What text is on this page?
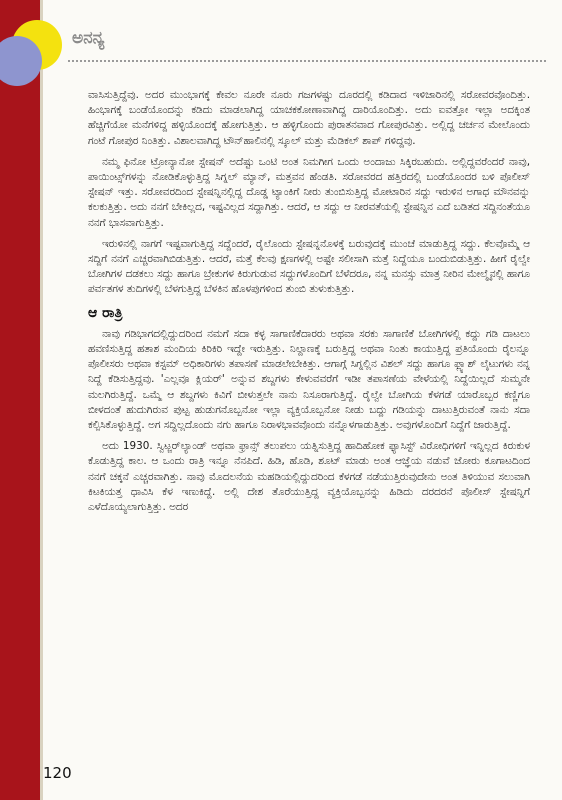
ಅನನ್ಯ

ವಾಸಿಸುತ್ತಿದ್ದೆವು. ಅದರ ಮುಂಭಾಗಕ್ಕೆ ಕೇವಲ ನೂರೇ ನೂರು ಗಜಗಳಷ್ಟು ದೂರದಲ್ಲಿ ಕಡಿದಾದ ಇಳಿಜಾರಿನಲ್ಲಿ ಸರೋವರವೊಂದಿತ್ತು. ಹಿಂಭಾಗಕ್ಕೆ ಬಂಡೆಯೊಂದನ್ನು ಕಡಿದು ಮಾಡಲಾಗಿದ್ದ ಯಾಚಕಕೋಣಾವಾಗಿದ್ದ ದಾರಿಯೊಂದಿತ್ತು. ಅದು ಐವತ್ತೋ ಇಲ್ಲಾ ಅದಕ್ಕಿಂತ ಹೆಚ್ಚಿಗೆಯೋ ಮನೆಗಳಿದ್ದ ಹಳ್ಳಿಯೊಂದಕ್ಕೆ ಹೋಗುತ್ತಿತ್ತು. ಆ ಹಳ್ಳಿಗೊಂದು ಪುರಾತನವಾದ ಗೋಪುರವಿತ್ತು. ಅಲ್ಲಿದ್ದ ಚರ್ಚನ ಮೇಲೊಂದು ಗಂಟೆ ಗೋಪುರ ನಿಂತಿತ್ತು. ವಿಶಾಲವಾಗಿದ್ದ ಟೌನ್‌ಹಾಲಿನಲ್ಲಿ ಸ್ಕೂಲ್ ಮತ್ತು ಮೆಡಿಕಲ್ ಶಾಪ್ ಗಳಿದ್ದವು.

ನಮ್ಮ ಫಿನೋ ಟ್ರೋನ್ಯಾನೋ ಸ್ಟೇಷನ್ ಅದೆಷ್ಟು ಒಂಟಿ ಅಂತ ನಿಮಗೀಗ ಒಂದು ಅಂದಾಜು ಸಿಕ್ಕಿರಬಹುದು. ಅಲ್ಲಿದ್ದವರೆಂದರೆ ನಾವು, ಪಾಯಿಂಟ್ಸ್‌ಗಳನ್ನು ನೋಡಿಕೊಳ್ಳುತ್ತಿದ್ದ ಸಿಗ್ನಲ್ ಮ್ಯಾನ್, ಮತ್ತವನ ಹೆಂಡತಿ. ಸರೋವರದ ಹತ್ತಿರದಲ್ಲಿ ಬಂಡೆಯೊಂದರ ಬಳಿ ಪೊಲೀಸ್ ಸ್ಟೇಷನ್ ಇತ್ತು. ಸರೋವರದಿಂದ ಸ್ಟೇಷನ್ನಿನಲ್ಲಿದ್ದ ದೊಡ್ಡ ಟ್ಯಾಂಕಿಗೆ ನೀರು ತುಂಬಿಸುತ್ತಿದ್ದ ಮೋಟಾರಿನ ಸದ್ದು ಇರುಳಿನ ಅಗಾಧ ಮೌನವನ್ನು ಕಲಕುತ್ತಿತ್ತು. ಅದು ನನಗೆ ಬೇಕಿಲ್ಲದ, ಇಷ್ಟವಿಲ್ಲದ ಸದ್ದಾಗಿತ್ತು. ಆದರೆ, ಆ ಸದ್ದು ಆ ನೀರವತೆಯಲ್ಲಿ ಸ್ಟೇಷನ್ನಿನ ಎದೆ ಬಡಿತದ ಸದ್ದಿನಂತೆಯೂ ನನಗೆ ಭಾಸವಾಗುತ್ತಿತ್ತು.

ಇರುಳಿನಲ್ಲಿ ನಾಗಗೆ ಇಷ್ಟವಾಗುತ್ತಿದ್ದ ಸದ್ದೆಂದರೆ, ರೈಲೊಂದು ಸ್ಟೇಷನ್ನನೊಳಕ್ಕೆ ಬರುವುದಕ್ಕೆ ಮುಂಚೆ ಮಾಡುತ್ತಿದ್ದ ಸದ್ದು. ಕೆಲವೊಮ್ಮೆ ಆ ಸದ್ದಿಗೆ ನನಗೆ ಎಚ್ಚರವಾಗಿಬಿಡುತ್ತಿತ್ತು. ಆದರೆ, ಮತ್ತೆ ಕೆಲವು ಕ್ಷಣಗಳಲ್ಲಿ ಅಷ್ಟೇ ಸಲೀಸಾಗಿ ಮತ್ತೆ ನಿದ್ದೆಯೂ ಬಂದುಬಿಡುತ್ತಿತ್ತು. ಹೀಗೆ ರೈಲ್ವೇ ಬೋಗಿಗಳ ದಡಕಲು ಸದ್ದು ಹಾಗೂ ಬ್ರೇಕುಗಳ ಕಿರುಗುಡುವ ಸದ್ದುಗಳೊಂದಿಗೆ ಬೆಳೆದರೂ, ನನ್ನ ಮನಸ್ಸು ಮಾತ್ರ ನೀರಿನ ಮೇಲ್ಮೈನಲ್ಲಿ ಹಾಗೂ ಪರ್ವತಗಳ ತುದಿಗಳಲ್ಲಿ ಬೆಳಗುತ್ತಿದ್ದ ಬೆಳಕಿನ ಹೊಳಪುಗಳಿಂದ ತುಂಬಿ ತುಳುಕುತ್ತಿತ್ತು.

ಆ ರಾತ್ರಿ

ನಾವು ಗಡಿಭಾಗದಲ್ಲಿದ್ದುದರಿಂದ ನಮಗೆ ಸದಾ ಕಳ್ಳ ಸಾಗಾಣಿಕೆದಾರರು ಅಥವಾ ಸರಕು ಸಾಗಾಣಿಕೆ ಬೋಗಿಗಳಲ್ಲಿ ಕದ್ದು ಗಡಿ ದಾಟಲು ಹವಣಿಸುತ್ತಿದ್ದ ಹತಾಶ ಮಂದಿಯ ಕಿರಿಕಿರಿ ಇದ್ದೇ ಇರುತ್ತಿತ್ತು. ನಿಲ್ದಾಣಕ್ಕೆ ಬರುತ್ತಿದ್ದ ಅಥವಾ ನಿಂತು ಕಾಯುತ್ತಿದ್ದ ಪ್ರತಿಯೊಂದು ರೈಲನ್ನೂ ಪೊಲೀಸರು ಅಥವಾ ಕಸ್ಟಮ್ ಅಧಿಕಾರಿಗಳು ತಪಾಸಣೆ ಮಾಡಲೇಬೇಕಿತ್ತು. ಆಗಾಗ್ಗೆ ಸಿಗ್ನಲ್ಲಿನ ವಿಶಲ್ ಸದ್ದು ಹಾಗೂ ಫ್ಲ್ಯಾಶ್ ಲೈಟುಗಳು ನನ್ನ ನಿದ್ದೆ ಕೆಡಿಸುತ್ತಿದ್ದವು. 'ಎಲ್ಲವೂ ಕ್ಲಿಯರ್' ಅನ್ನುವ ಶಬ್ದಗಳು ಕೇಳುವವರೆಗೆ ಇಡೀ ತಪಾಸಣೆಯ ವೇಳೆಯಲ್ಲಿ ನಿದ್ದೆಯಿಲ್ಲದೆ ಸುಮ್ಮನೇ ಮಲಗಿರುತ್ತಿದ್ದೆ. ಒಮ್ಮೆ ಆ ಶಬ್ದಗಳು ಕಿವಿಗೆ ಬೀಳುತ್ತಲೇ ನಾನು ನಿಸೂರಾಗುತ್ತಿದ್ದೆ. ರೈಲ್ವೇ ಬೋಗಿಯ ಕೆಳಗಡೆ ಯಾರೊಬ್ಬರ ಕಣ್ಣಿಗೂ ಬೀಳದಂತೆ ಹುದುಗಿರುವ ಪುಟ್ಟ ಹುಡುಗನೊಬ್ಬನೋ ಇಲ್ಲಾ ವ್ಯಕ್ತಿಯೊಬ್ಬನೋ ನೀಡು ಬದ್ದು ಗಡಿಯನ್ನು ದಾಟುತ್ತಿರುವಂತೆ ನಾನು ಸದಾ ಕಲ್ಪಿಸಿಕೊಳ್ಳುತ್ತಿದ್ದೆ. ಅಗ ಸದ್ದಿಲ್ಲದೊಂದು ನಗು ಹಾಗೂ ನಿರಾಳಭಾವವೊಂದು ನನ್ನೊಳಗಾಡುತ್ತಿತ್ತು. ಅವುಗಳೊಂದಿಗೆ ನಿದ್ದೆಗೆ ಜಾರುತ್ತಿದ್ದೆ.

ಅದು 1930. ಸ್ವಿಟ್ಜರ್‌ಲ್ಯಾಂಡ್ ಅಥವಾ ಫ್ರಾನ್ಸ್ ತಲುಪಲು ಯತ್ನಿಸುತ್ತಿದ್ದ ಹಾದಿಹೋಕ ಫ್ಯಾಸಿಸ್ಟ್ ವಿರೋಧಿಗಳಿಗೆ ಇನ್ನಿಲ್ಲದ ಕಿರುಕುಳ ಕೊಡುತ್ತಿದ್ದ ಕಾಲ. ಆ ಒಂದು ರಾತ್ರಿ ಇನ್ನೂ ನೆನಪಿದೆ. ಹಿಡಿ, ಹೊಡಿ, ಶೂಟ್ ಮಾಡು ಅಂತ ಆಜ್ಞೆಯ ನಡುವೆ ಜೋರು ಕೂಗಾಟದಿಂದ ನನಗೆ ಚಕ್ಕನೆ ಎಚ್ಚರವಾಗಿತ್ತು. ನಾವು ಮೊದಲನೆಯ ಮಹಡಿಯಲ್ಲಿದ್ದುದರಿಂದ ಕೆಳಗಡೆ ನಡೆಯುತ್ತಿರುವುದೇನು ಅಂತ ತಿಳಿಯುವ ಸಲುವಾಗಿ ಕಿಟಕಿಯತ್ತ ಧಾವಿಸಿ ಕೆಳ ಇಣುಕಿದ್ದೆ. ಅಲ್ಲಿ ದೇಶ ತೊರೆಯುತ್ತಿದ್ದ ವ್ಯಕ್ತಿಯೊಬ್ಬನನ್ನು ಹಿಡಿದು ದರದರನೆ ಪೊಲೀಸ್ ಸ್ಟೇಷನ್ನಿಗೆ ಎಳೆದೊಯ್ಯಲಾಗುತ್ತಿತ್ತು. ಅದರ

120
